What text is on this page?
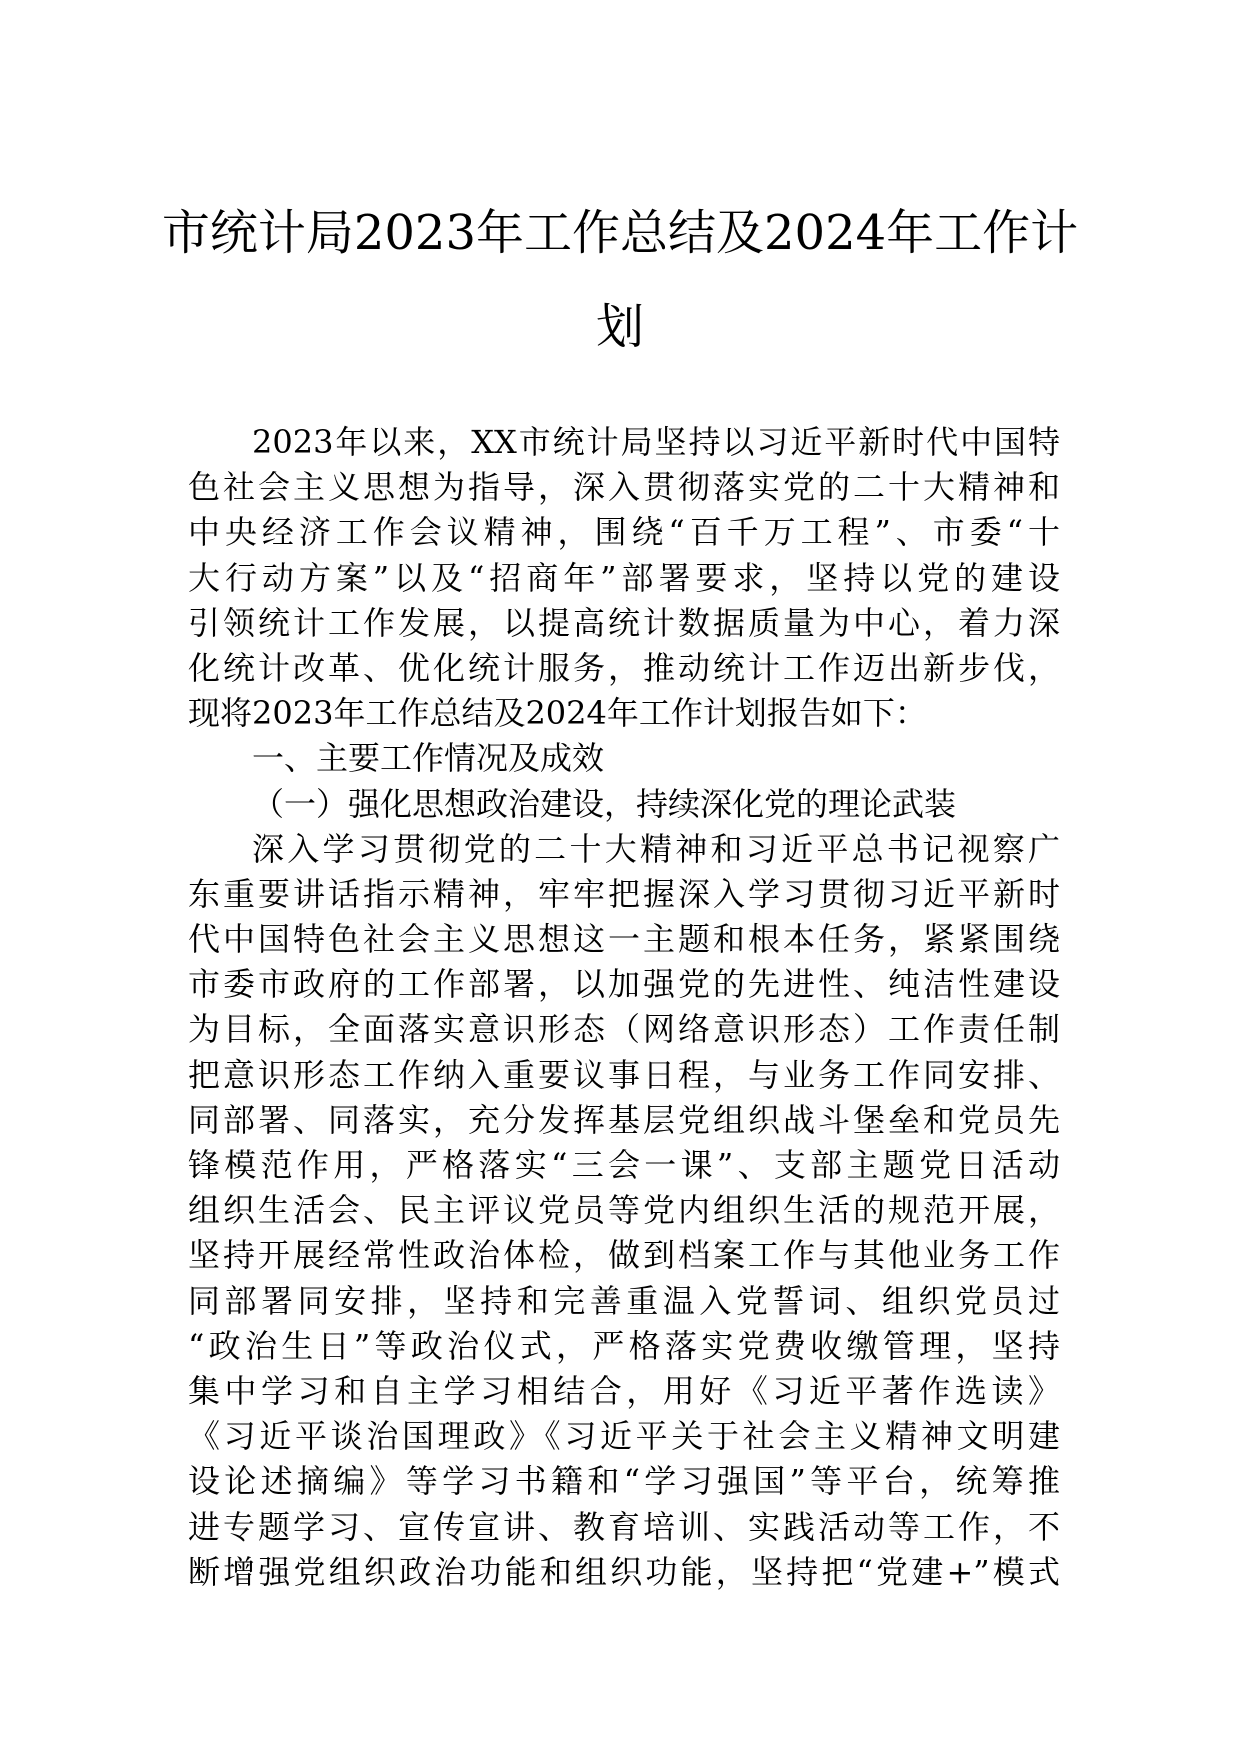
市统计局2023年工作总结及2024年工作计
划
2023年以来，XX市统计局坚持以习近平新时代中国特
色社会主义思想为指导，深入贯彻落实党的二十大精神和
中央经济工作会议精神，围绕“百千万工程”、市委“十
大行动方案”以及“招商年”部署要求，坚持以党的建设
引领统计工作发展，以提高统计数据质量为中心，着力深
化统计改革、优化统计服务，推动统计工作迈出新步伐，
现将2023年工作总结及2024年工作计划报告如下：
一、主要工作情况及成效
（一）强化思想政治建设，持续深化党的理论武装
深入学习贯彻党的二十大精神和习近平总书记视察广
东重要讲话指示精神，牢牢把握深入学习贯彻习近平新时
代中国特色社会主义思想这一主题和根本任务，紧紧围绕
市委市政府的工作部署，以加强党的先进性、纯洁性建设
为目标，全面落实意识形态（网络意识形态）工作责任制
把意识形态工作纳入重要议事日程，与业务工作同安排、
同部署、同落实，充分发挥基层党组织战斗堡垒和党员先
锋模范作用，严格落实“三会一课”、支部主题党日活动
组织生活会、民主评议党员等党内组织生活的规范开展，
坚持开展经常性政治体检，做到档案工作与其他业务工作
同部署同安排，坚持和完善重温入党誓词、组织党员过
“政治生日”等政治仪式，严格落实党费收缴管理，坚持
集中学习和自主学习相结合，用好《习近平著作选读》
《习近平谈治国理政》《习近平关于社会主义精神文明建
设论述摘编》等学习书籍和“学习强国”等平台，统筹推
进专题学习、宣传宣讲、教育培训、实践活动等工作，不
断增强党组织政治功能和组织功能，坚持把“党建+”模式
